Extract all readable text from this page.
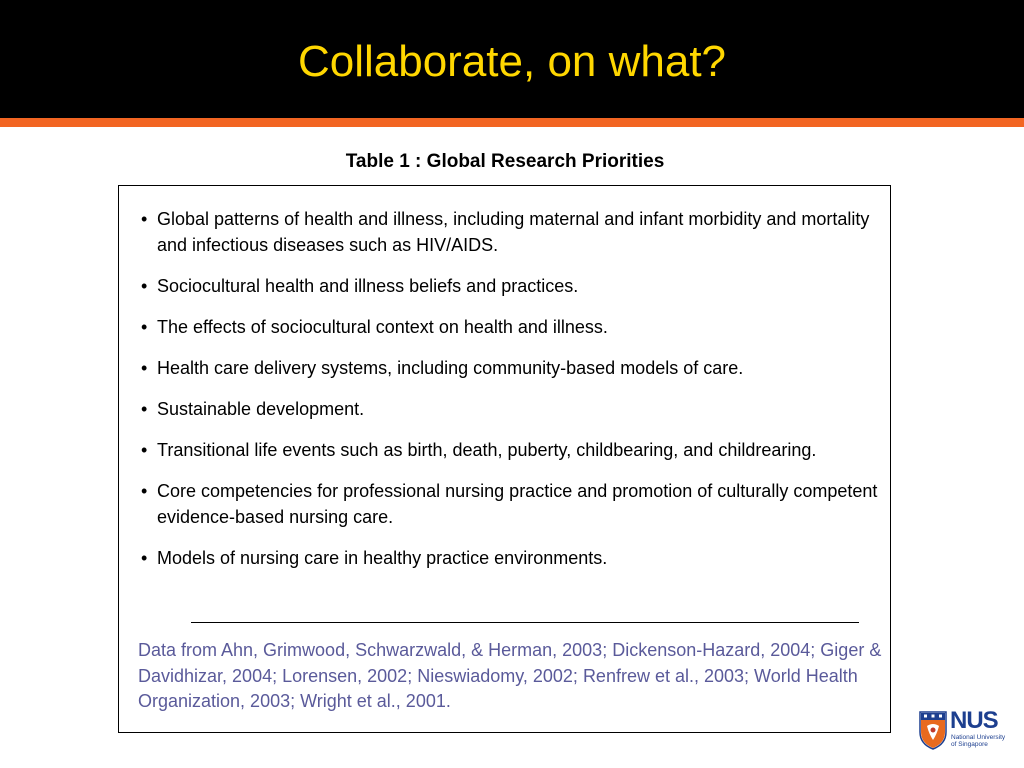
Collaborate, on what?
Table 1 : Global Research Priorities
• Global patterns of health and illness, including maternal and infant morbidity and mortality and infectious diseases such as HIV/AIDS.
• Sociocultural health and illness beliefs and practices.
• The effects of sociocultural context on health and illness.
• Health care delivery systems, including community-based models of care.
• Sustainable development.
• Transitional life events such as birth, death, puberty, childbearing, and childrearing.
• Core competencies for professional nursing practice and promotion of culturally competent evidence-based nursing care.
• Models of nursing care in healthy practice environments.
Data from Ahn, Grimwood, Schwarzwald, & Herman, 2003; Dickenson-Hazard, 2004; Giger & Davidhizar, 2004; Lorensen, 2002; Nieswiadomy, 2002; Renfrew et al., 2003; World Health Organization, 2003; Wright et al., 2001.
NUS
National University of Singapore
